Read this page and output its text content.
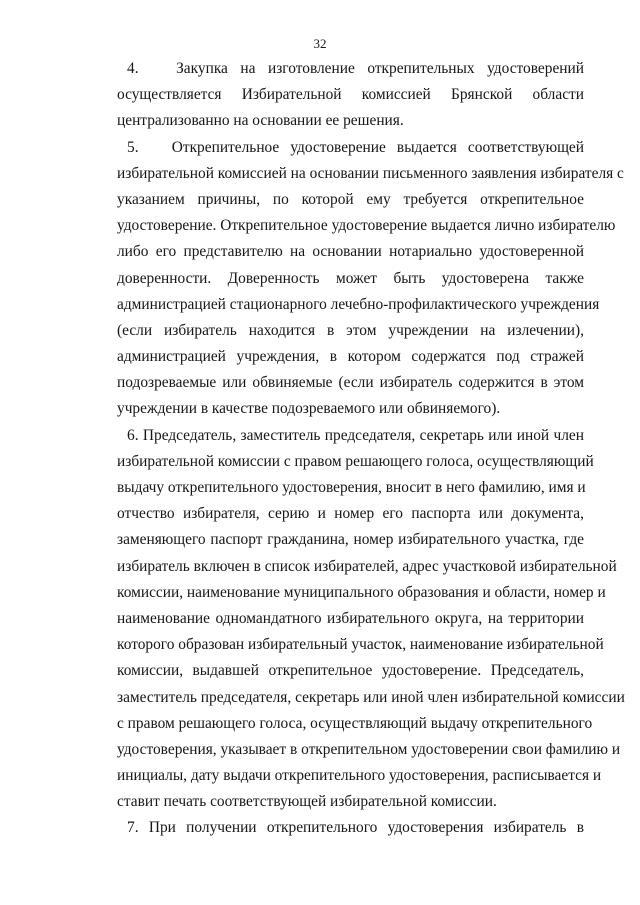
32
4.   Закупка на изготовление открепительных удостоверений
осуществляется Избирательной комиссией Брянской области
централизованно на основании ее решения.
5.   Открепительное удостоверение выдается соответствующей
избирательной комиссией на основании письменного заявления избирателя с
указанием причины, по которой ему требуется открепительное
удостоверение. Открепительное удостоверение выдается лично избирателю
либо его представителю на основании нотариально удостоверенной
доверенности. Доверенность может быть удостоверена также
администрацией стационарного лечебно-профилактического учреждения
(если избиратель находится в этом учреждении на излечении),
администрацией учреждения, в котором содержатся под стражей
подозреваемые или обвиняемые (если избиратель содержится в этом
учреждении в качестве подозреваемого или обвиняемого).
6. Председатель, заместитель председателя, секретарь или иной член
избирательной комиссии с правом решающего голоса, осуществляющий
выдачу открепительного удостоверения, вносит в него фамилию, имя и
отчество избирателя, серию и номер его паспорта или документа,
заменяющего паспорт гражданина, номер избирательного участка, где
избиратель включен в список избирателей, адрес участковой избирательной
комиссии, наименование муниципального образования и области, номер и
наименование одномандатного избирательного округа, на территории
которого образован избирательный участок, наименование избирательной
комиссии, выдавшей открепительное удостоверение. Председатель,
заместитель председателя, секретарь или иной член избирательной комиссии
с правом решающего голоса, осуществляющий выдачу открепительного
удостоверения, указывает в открепительном удостоверении свои фамилию и
инициалы, дату выдачи открепительного удостоверения, расписывается и
ставит печать соответствующей избирательной комиссии.
7. При получении открепительного удостоверения избиратель в
